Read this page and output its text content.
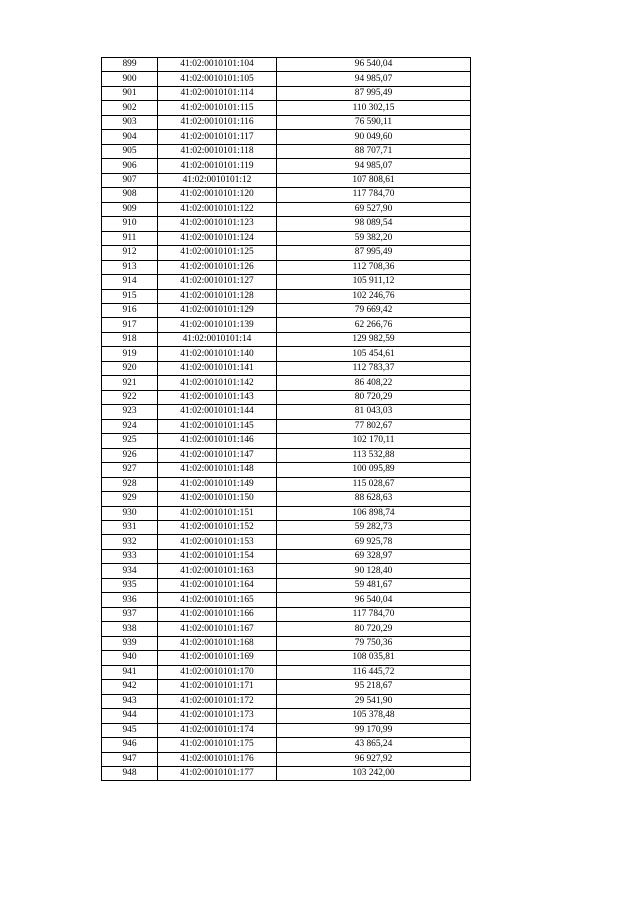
899	41:02:0010101:104	96 540,04
900	41:02:0010101:105	94 985,07
901	41:02:0010101:114	87 995,49
902	41:02:0010101:115	110 302,15
903	41:02:0010101:116	76 590,11
904	41:02:0010101:117	90 049,60
905	41:02:0010101:118	88 707,71
906	41:02:0010101:119	94 985,07
907	41:02:0010101:12	107 808,61
908	41:02:0010101:120	117 784,70
909	41:02:0010101:122	69 527,90
910	41:02:0010101:123	98 089,54
911	41:02:0010101:124	59 382,20
912	41:02:0010101:125	87 995,49
913	41:02:0010101:126	112 708,36
914	41:02:0010101:127	105 911,12
915	41:02:0010101:128	102 246,76
916	41:02:0010101:129	79 669,42
917	41:02:0010101:139	62 266,76
918	41:02:0010101:14	129 982,59
919	41:02:0010101:140	105 454,61
920	41:02:0010101:141	112 783,37
921	41:02:0010101:142	86 408,22
922	41:02:0010101:143	80 720,29
923	41:02:0010101:144	81 043,03
924	41:02:0010101:145	77 802,67
925	41:02:0010101:146	102 170,11
926	41:02:0010101:147	113 532,88
927	41:02:0010101:148	100 095,89
928	41:02:0010101:149	115 028,67
929	41:02:0010101:150	88 628,63
930	41:02:0010101:151	106 898,74
931	41:02:0010101:152	59 282,73
932	41:02:0010101:153	69 925,78
933	41:02:0010101:154	69 328,97
934	41:02:0010101:163	90 128,40
935	41:02:0010101:164	59 481,67
936	41:02:0010101:165	96 540,04
937	41:02:0010101:166	117 784,70
938	41:02:0010101:167	80 720,29
939	41:02:0010101:168	79 750,36
940	41:02:0010101:169	108 035,81
941	41:02:0010101:170	116 445,72
942	41:02:0010101:171	95 218,67
943	41:02:0010101:172	29 541,90
944	41:02:0010101:173	105 378,48
945	41:02:0010101:174	99 170,99
946	41:02:0010101:175	43 865,24
947	41:02:0010101:176	96 927,92
948	41:02:0010101:177	103 242,00
